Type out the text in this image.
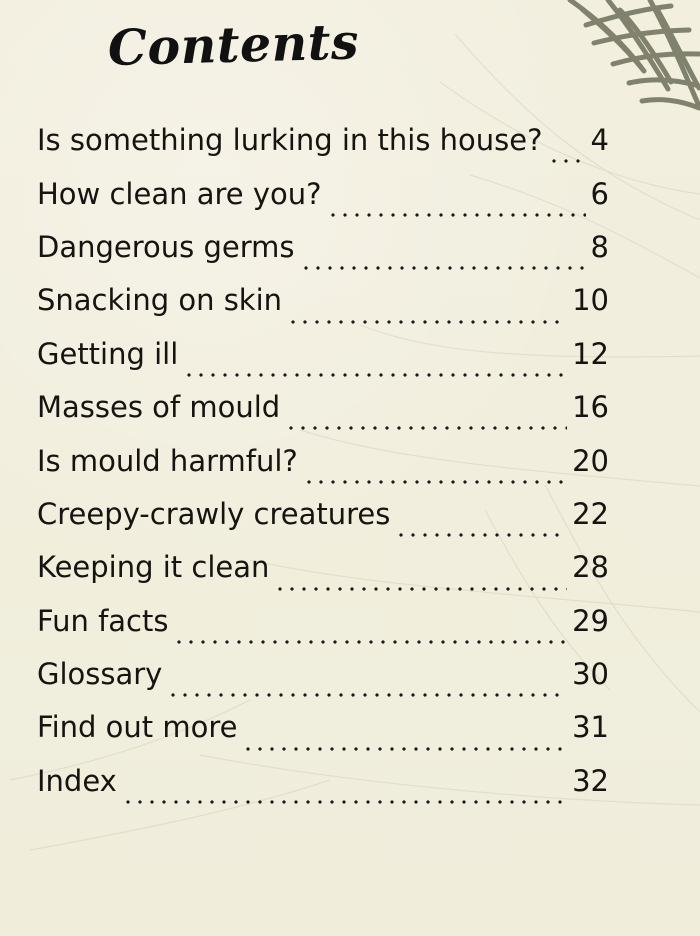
Contents
Is something lurking in this house? 4
How clean are you?	6
Dangerous germs	8
Snacking on skin	10
Getting ill	12
Masses of mould	16
Is mould harmful?	20
Creepy-crawly creatures	22
Keeping it clean	28
Fun facts	29
Glossary	30
Find out more	31
Index	32
